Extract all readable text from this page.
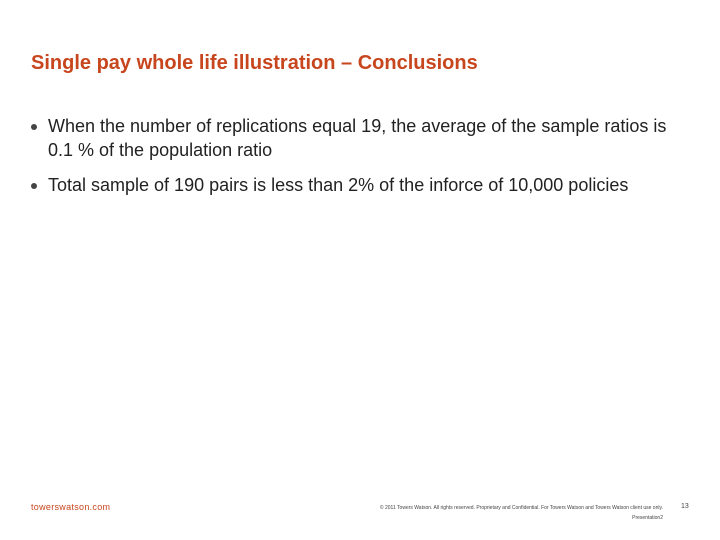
Single pay whole life illustration – Conclusions
When the number of replications equal 19, the average of the sample ratios is 0.1 % of the population ratio
Total sample of 190 pairs is less than 2% of the inforce of 10,000 policies
towerswatson.com	© 2011 Towers Watson. All rights reserved. Proprietary and Confidential. For Towers Watson and Towers Watson client use only.
Presentation2
13
